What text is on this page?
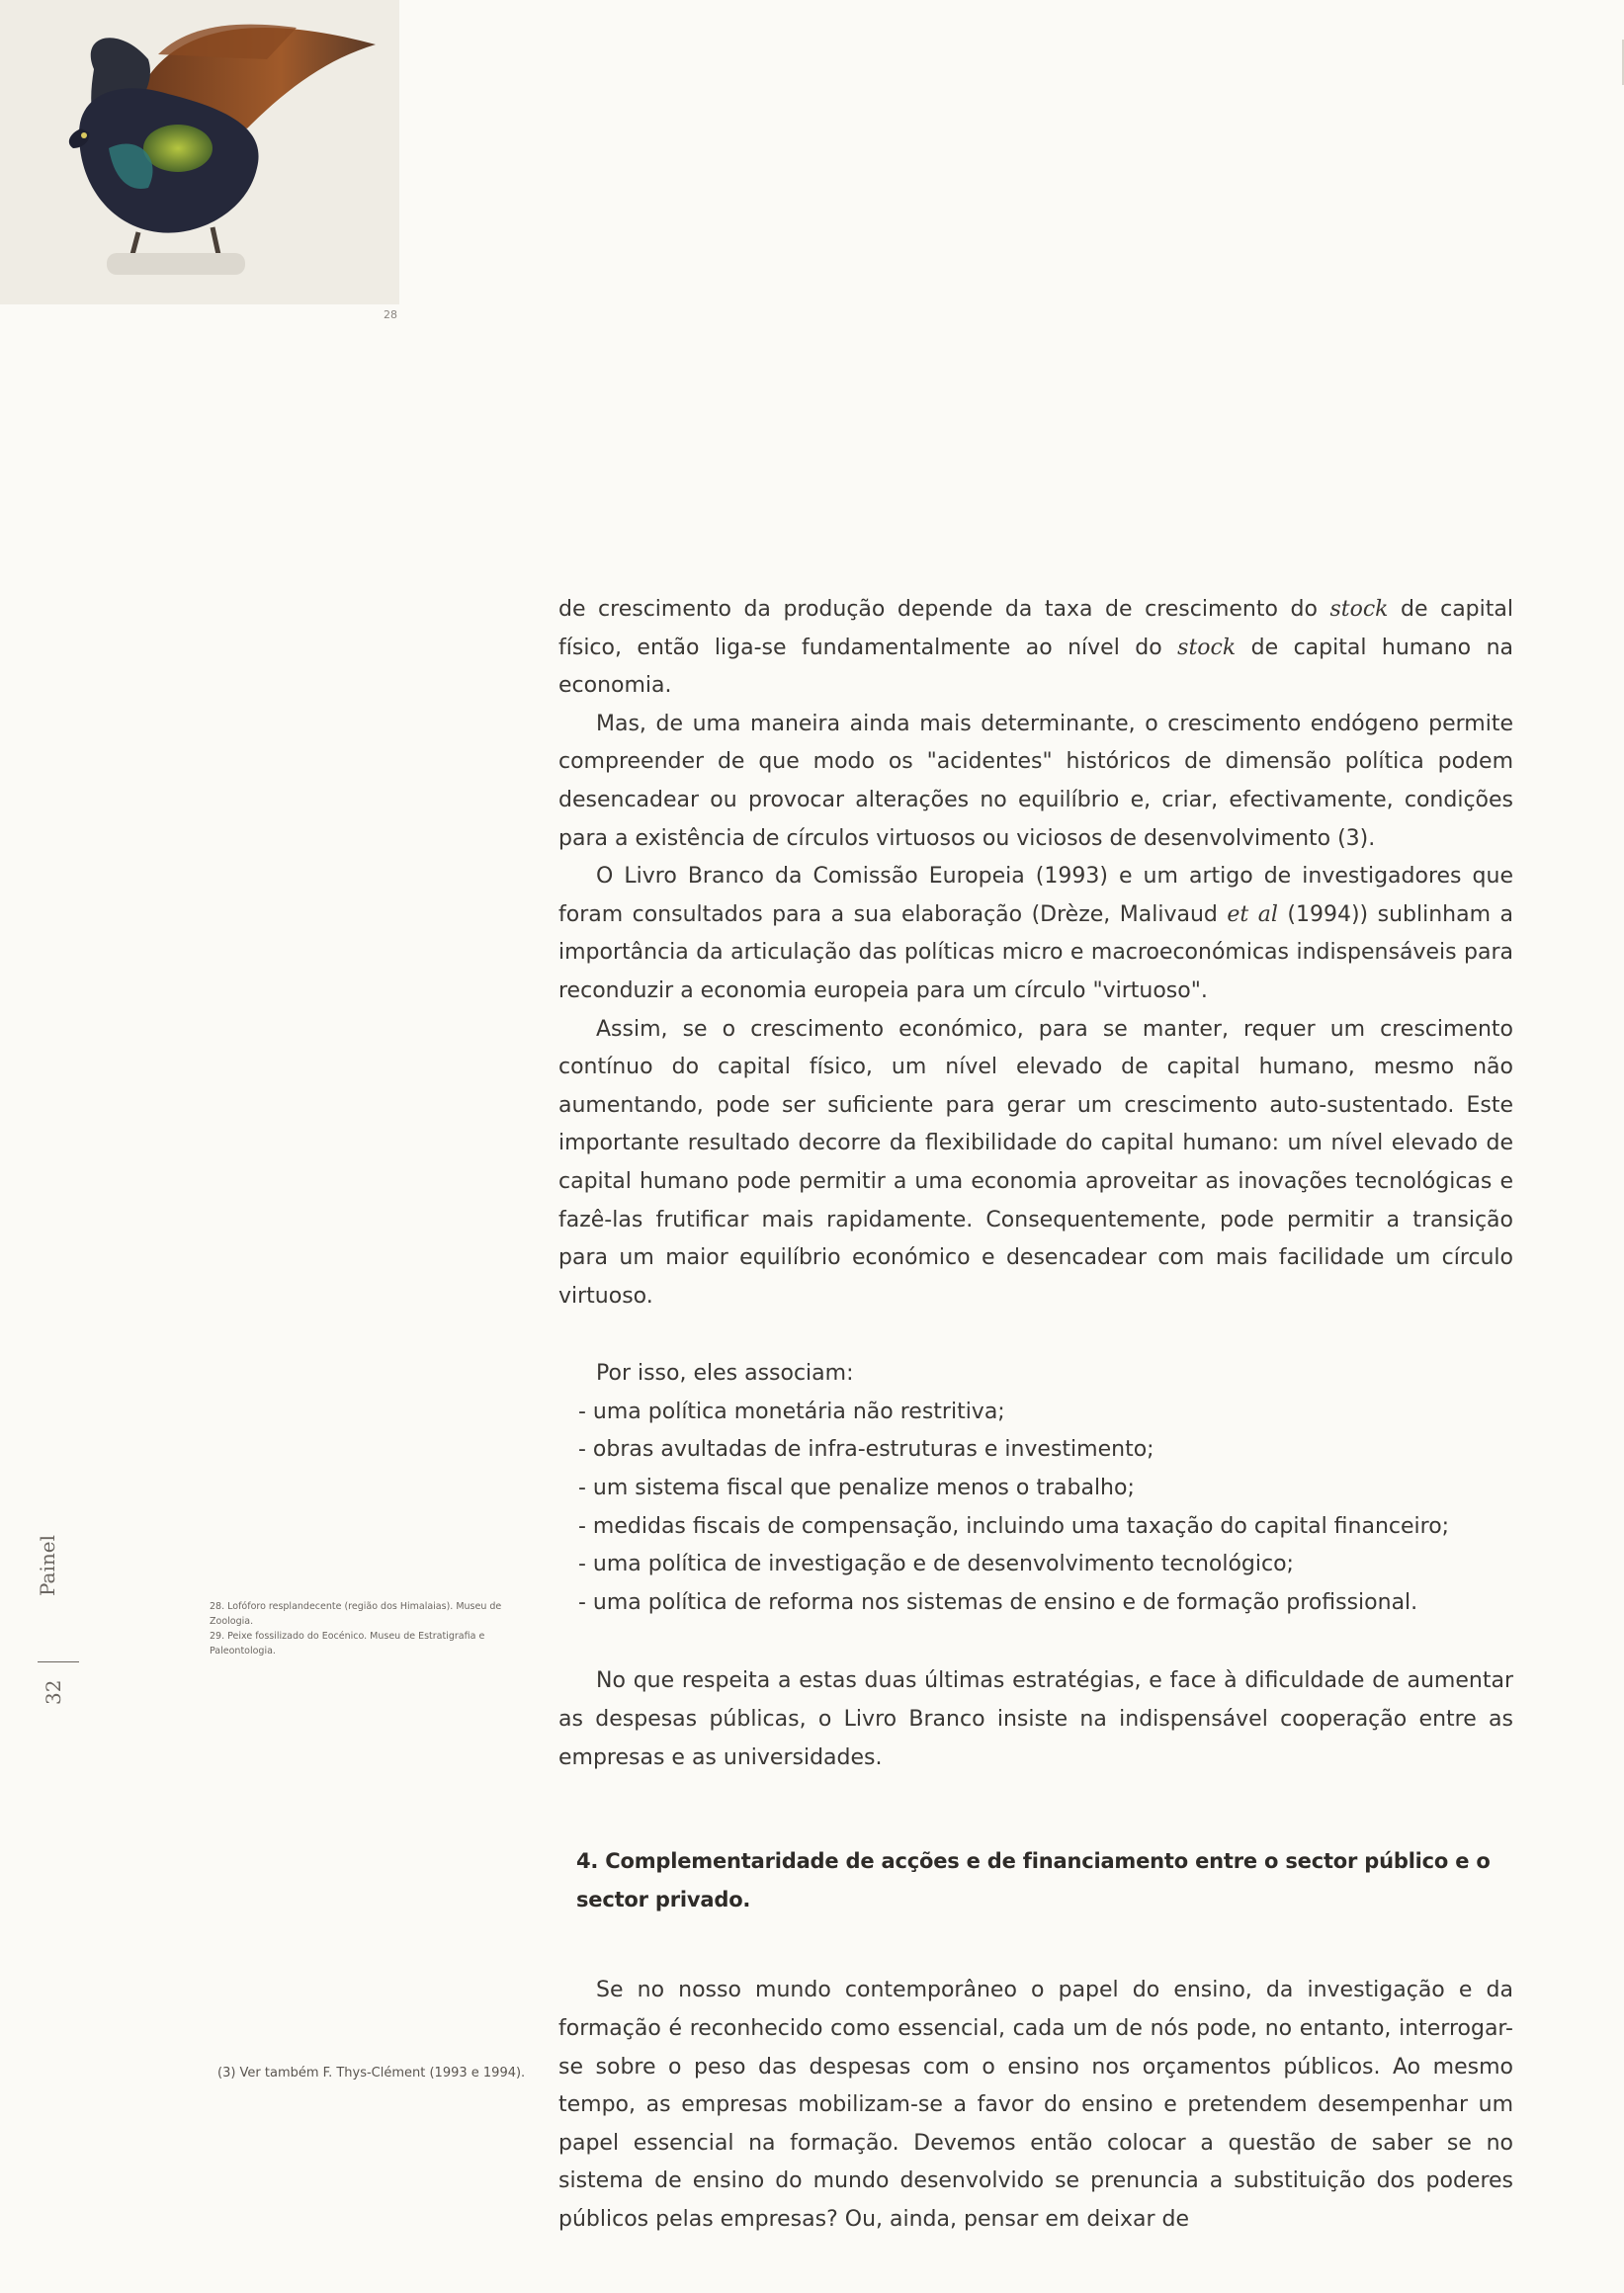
28

de crescimento da produção depende da taxa de crescimento do stock de capital físico, então liga-se fundamentalmente ao nível do stock de capital humano na economia.

Mas, de uma maneira ainda mais determinante, o crescimento endógeno permite compreender de que modo os "acidentes" históricos de dimensão política podem desencadear ou provocar alterações no equilíbrio e, criar, efectivamente, condições para a existência de círculos virtuosos ou viciosos de desenvolvimento (3).

O Livro Branco da Comissão Europeia (1993) e um artigo de investigadores que foram consultados para a sua elaboração (Drèze, Malivaud et al (1994)) sublinham a importância da articulação das políticas micro e macroeconómicas indispensáveis para reconduzir a economia europeia para um círculo "virtuoso".

Assim, se o crescimento económico, para se manter, requer um crescimento contínuo do capital físico, um nível elevado de capital humano, mesmo não aumentando, pode ser suficiente para gerar um crescimento auto-sustentado. Este importante resultado decorre da flexibilidade do capital humano: um nível elevado de capital humano pode permitir a uma economia aproveitar as inovações tecnológicas e fazê-las frutificar mais rapidamente. Consequentemente, pode permitir a transição para um maior equilíbrio económico e desencadear com mais facilidade um círculo virtuoso.

Por isso, eles associam:

- uma política monetária não restritiva;
- obras avultadas de infra-estruturas e investimento;
- um sistema fiscal que penalize menos o trabalho;
- medidas fiscais de compensação, incluindo uma taxação do capital financeiro;
- uma política de investigação e de desenvolvimento tecnológico;
- uma política de reforma nos sistemas de ensino e de formação profissional.

No que respeita a estas duas últimas estratégias, e face à dificuldade de aumentar as despesas públicas, o Livro Branco insiste na indispensável cooperação entre as empresas e as universidades.

4. Complementaridade de acções e de financiamento entre o sector público e o sector privado.

Se no nosso mundo contemporâneo o papel do ensino, da investigação e da formação é reconhecido como essencial, cada um de nós pode, no entanto, interrogar-se sobre o peso das despesas com o ensino nos orçamentos públicos. Ao mesmo tempo, as empresas mobilizam-se a favor do ensino e pretendem desempenhar um papel essencial na formação. Devemos então colocar a questão de saber se no sistema de ensino do mundo desenvolvido se prenuncia a substituição dos poderes públicos pelas empresas? Ou, ainda, pensar em deixar de

28. Lofóforo resplandecente (região dos Himalaias). Museu de Zoologia.

29. Peixe fossilizado do Eocénico. Museu de Estratigrafia e Paleontologia.

(3) Ver também F. Thys-Clément (1993 e 1994).
Painel
32
